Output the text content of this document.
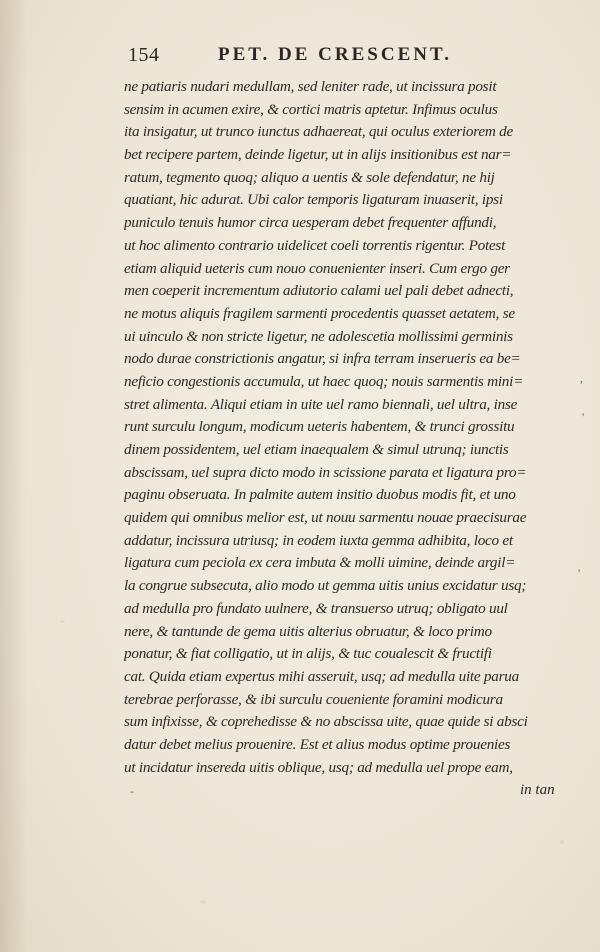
154	PET. DE CRESCENT.
ne patiaris nudari medullam, sed leniter rade, ut incissura posit
sensim in acumen exire, & cortici matris aptetur. Infimus oculus
ita insigatur, ut trunco iunctus adhaereat, qui oculus exteriorem de
bet recipere partem, deinde ligetur, ut in alijs insitionibus est nar=
ratum, tegmento quoq; aliquo a uentis & sole defendatur, ne hij
quatiant, hic adurat. Ubi calor temporis ligaturam inuaserit, ipsi
puniculo tenuis humor circa uesperam debet frequenter affundi,
ut hoc alimento contrario uidelicet coeli torrentis rigentur. Potest
etiam aliquid ueteris cum nouo conuenienter inseri. Cum ergo ger
men coeperit incrementum adiutorio calami uel pali debet adnecti,
ne motus aliquis fragilem sarmenti procedentis quasset aetatem, se
ui uinculo & non stricte ligetur, ne adolescetia mollissimi germinis
nodo durae constrictionis angatur, si infra terram inserueris ea be=
neficio congestionis accumula, ut haec quoq; nouis sarmentis mini=
stret alimenta. Aliqui etiam in uite uel ramo biennali, uel ultra, inse
runt surculu longum, modicum ueteris habentem, & trunci grossitu
dinem possidentem, uel etiam inaequalem & simul utrunq; iunctis
abscissam, uel supra dicto modo in scissione parata et ligatura pro=
paginu obseruata. In palmite autem insitio duobus modis fit, et uno
quidem qui omnibus melior est, ut nouu sarmentu nouae praecisurae
addatur, incissura utriusq; in eodem iuxta gemma adhibita, loco et
ligatura cum peciola ex cera imbuta & molli uimine, deinde argil=
la congrue subsecuta, alio modo ut gemma uitis unius excidatur usq;
ad medulla pro fundato uulnere, & transuerso utruq; obligato uul
nere, & tantunde de gema uitis alterius obruatur, & loco primo
ponatur, & fiat colligatio, ut in alijs, & tuc coualescit & fructifi
cat. Quida etiam expertus mihi asseruit, usq; ad medulla uite parua
terebrae perforasse, & ibi surculu coueniente foramini modicura
sum infixisse, & coprehedisse & no abscissa uite, quae quide si absci
datur debet melius prouenire. Est et alius modus optime prouenies
ut incidatur insereda uitis oblique, usq; ad medulla uel prope eam,
in tan
,
'
'
-
